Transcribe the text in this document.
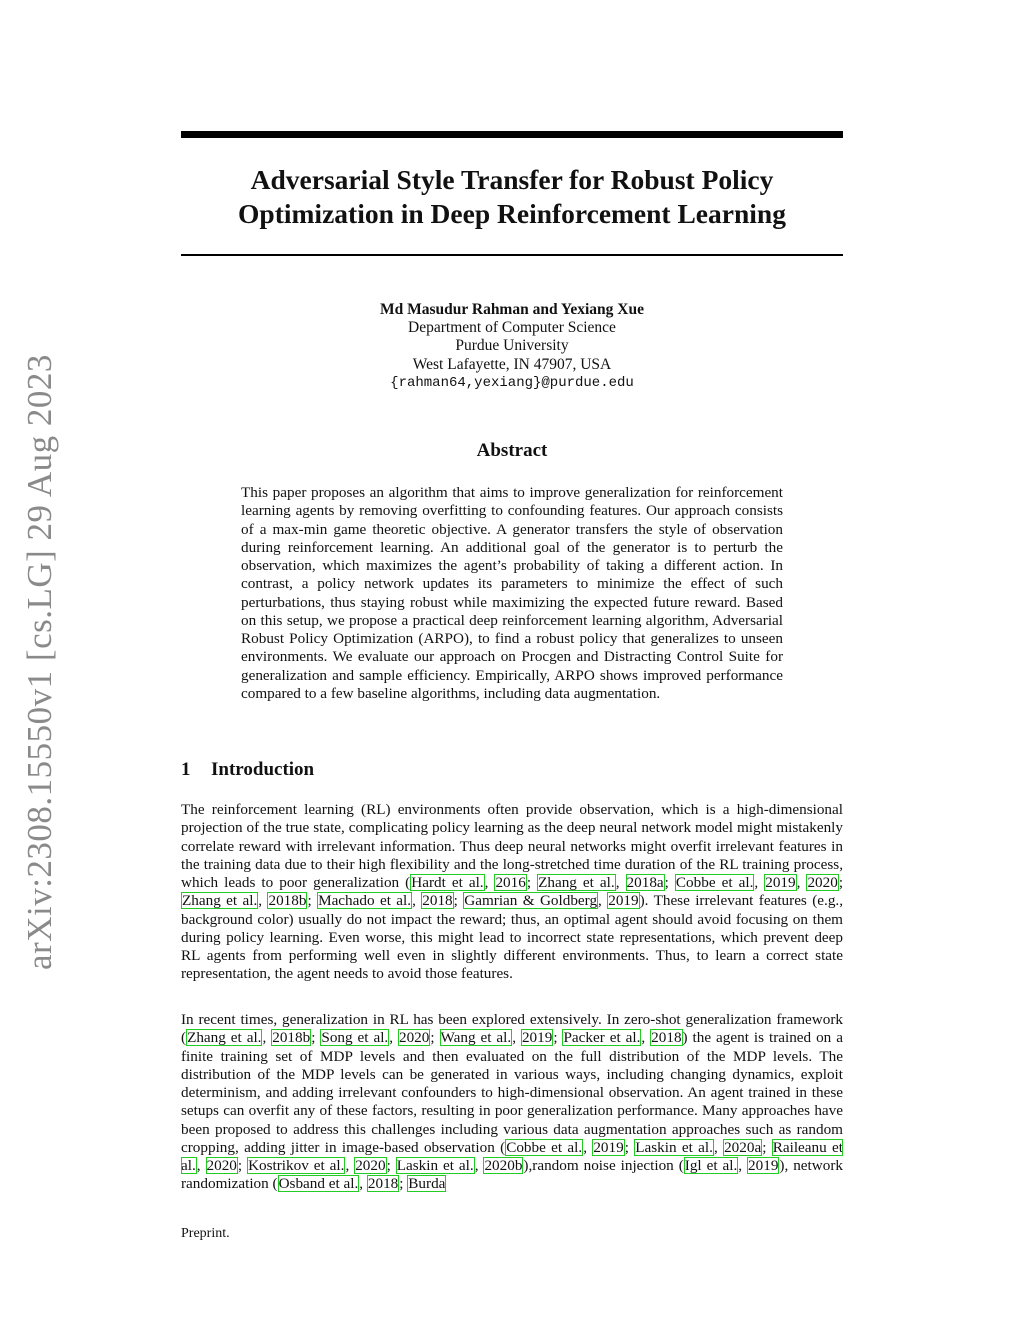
arXiv:2308.15550v1 [cs.LG] 29 Aug 2023
Adversarial Style Transfer for Robust Policy
Optimization in Deep Reinforcement Learning
Md Masudur Rahman and Yexiang Xue
Department of Computer Science
Purdue University
West Lafayette, IN 47907, USA
{rahman64,yexiang}@purdue.edu
Abstract
This paper proposes an algorithm that aims to improve generalization for reinforcement learning agents by removing overfitting to confounding features. Our approach consists of a max-min game theoretic objective. A generator transfers the style of observation during reinforcement learning. An additional goal of the generator is to perturb the observation, which maximizes the agent’s probability of taking a different action. In contrast, a policy network updates its parameters to minimize the effect of such perturbations, thus staying robust while maximizing the expected future reward. Based on this setup, we propose a practical deep reinforcement learning algorithm, Adversarial Robust Policy Optimization (ARPO), to find a robust policy that generalizes to unseen environments. We evaluate our approach on Procgen and Distracting Control Suite for generalization and sample efficiency. Empirically, ARPO shows improved performance compared to a few baseline algorithms, including data augmentation.
1 Introduction
The reinforcement learning (RL) environments often provide observation, which is a high-dimensional projection of the true state, complicating policy learning as the deep neural network model might mistakenly correlate reward with irrelevant information. Thus deep neural networks might overfit irrelevant features in the training data due to their high flexibility and the long-stretched time duration of the RL training process, which leads to poor generalization (Hardt et al., 2016; Zhang et al., 2018a; Cobbe et al., 2019, 2020; Zhang et al., 2018b; Machado et al., 2018; Gamrian & Goldberg, 2019). These irrelevant features (e.g., background color) usually do not impact the reward; thus, an optimal agent should avoid focusing on them during policy learning. Even worse, this might lead to incorrect state representations, which prevent deep RL agents from performing well even in slightly different environments. Thus, to learn a correct state representation, the agent needs to avoid those features.
In recent times, generalization in RL has been explored extensively. In zero-shot generalization framework (Zhang et al., 2018b; Song et al., 2020; Wang et al., 2019; Packer et al., 2018) the agent is trained on a finite training set of MDP levels and then evaluated on the full distribution of the MDP levels. The distribution of the MDP levels can be generated in various ways, including changing dynamics, exploit determinism, and adding irrelevant confounders to high-dimensional observation. An agent trained in these setups can overfit any of these factors, resulting in poor generalization performance. Many approaches have been proposed to address this challenges including various data augmentation approaches such as random cropping, adding jitter in image-based observation (Cobbe et al., 2019; Laskin et al., 2020a; Raileanu et al., 2020; Kostrikov et al., 2020; Laskin et al., 2020b),random noise injection (Igl et al., 2019), network randomization (Osband et al., 2018; Burda
Preprint.
